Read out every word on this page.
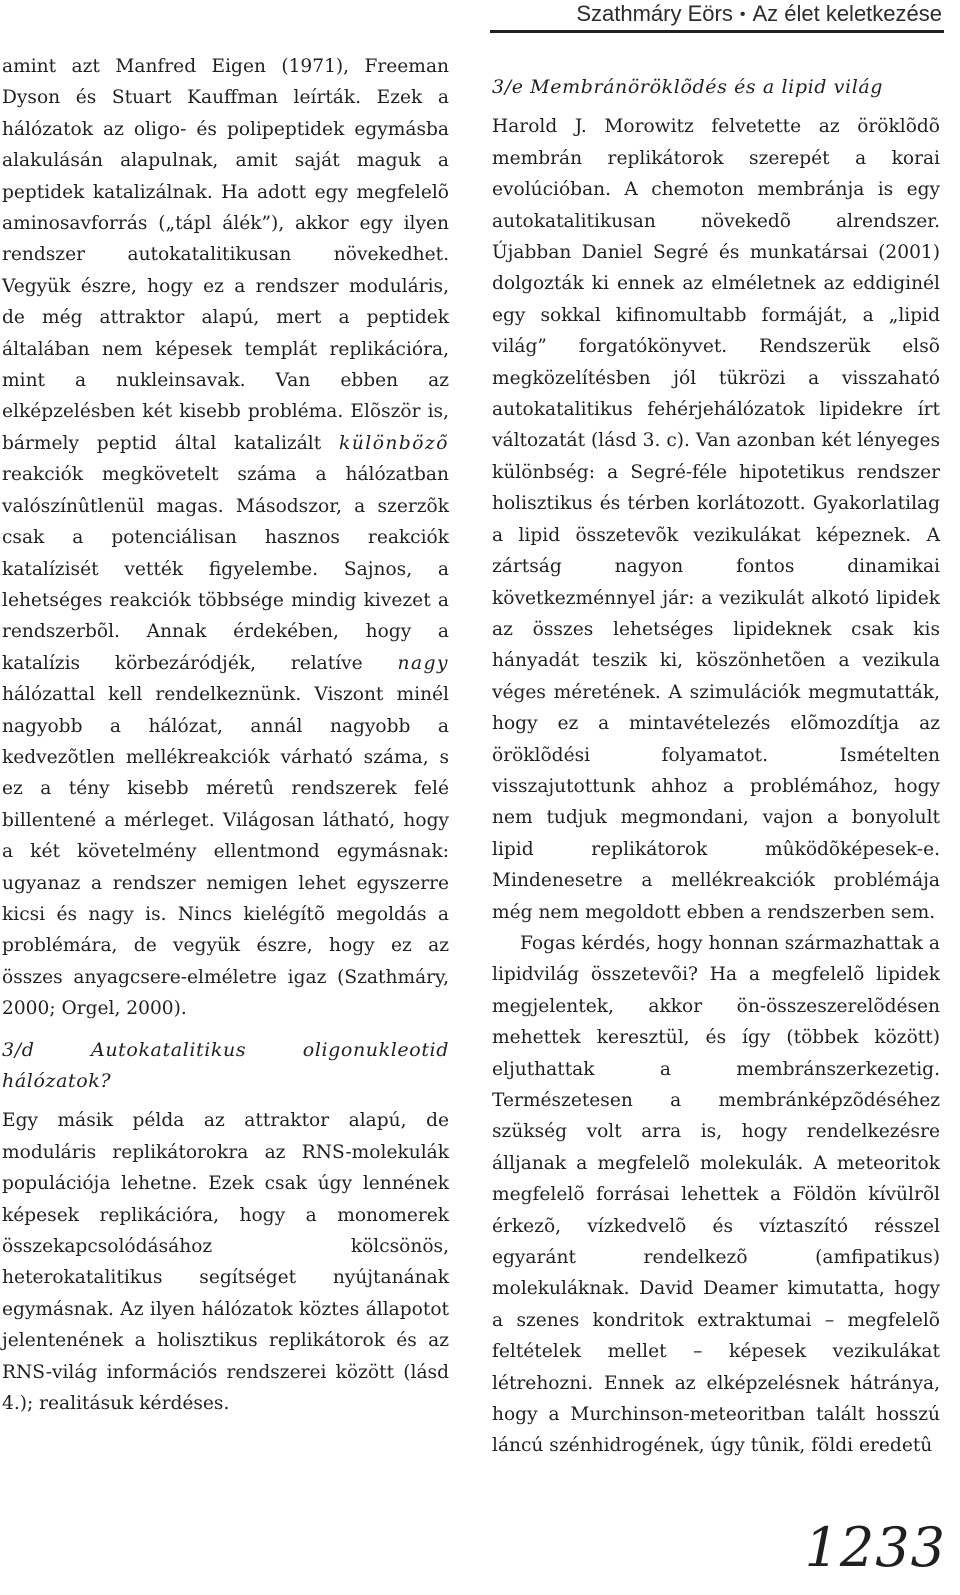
Szathmáry Eörs • Az élet keletkezése

amint azt Manfred Eigen (1971), Freeman Dyson és Stuart Kauffman leírták. Ezek a hálózatok az oligo- és polipeptidek egymásba alakulásán alapulnak, amit saját maguk a peptidek katalizálnak. Ha adott egy megfelelõ aminosavforrás („tápl álék”), akkor egy ilyen rendszer autokatalitikusan növekedhet. Vegyük észre, hogy ez a rendszer moduláris, de még attraktor alapú, mert a peptidek általában nem képesek templát replikációra, mint a nukleinsavak. Van ebben az elképzelésben két kisebb probléma. Elõször is, bármely peptid által katalizált különbözõ reakciók megkövetelt száma a hálózatban valószínûtlenül magas. Másodszor, a szerzõk csak a potenciálisan hasznos reakciók katalízisét vették figyelembe. Sajnos, a lehetséges reakciók többsége mindig kivezet a rendszerbõl. Annak érdekében, hogy a katalízis körbezáródjék, relatíve nagy hálózattal kell rendelkeznünk. Viszont minél nagyobb a hálózat, annál nagyobb a kedvezõtlen mellékreakciók várható száma, s ez a tény kisebb méretû rendszerek felé billentené a mérleget. Világosan látható, hogy a két követelmény ellentmond egymásnak: ugyanaz a rendszer nemigen lehet egyszerre kicsi és nagy is. Nincs kielégítõ megoldás a problémára, de vegyük észre, hogy ez az összes anyagcsere-elméletre igaz (Szathmáry, 2000; Orgel, 2000).

3/d Autokatalitikus oligonukleotid hálózatok?

Egy másik példa az attraktor alapú, de moduláris replikátorokra az RNS-molekulák populációja lehetne. Ezek csak úgy lennének képesek replikációra, hogy a monomerek összekapcsolódásához kölcsönös, heterokatalitikus segítséget nyújtanának egymásnak. Az ilyen hálózatok köztes állapotot jelentenének a holisztikus replikátorok és az RNS-világ információs rendszerei között (lásd 4.); realitásuk kérdéses.

3/e Membránöröklõdés és a lipid világ

Harold J. Morowitz felvetette az öröklõdõ membrán replikátorok szerepét a korai evolúcióban. A chemoton membránja is egy autokatalitikusan növekedõ alrendszer. Újabban Daniel Segré és munkatársai (2001) dolgozták ki ennek az elméletnek az eddiginél egy sokkal kifinomultabb formáját, a „lipid világ” forgatókönyvet. Rendszerük elsõ megközelítésben jól tükrözi a visszaható autokatalitikus fehérjehálózatok lipidekre írt változatát (lásd 3. c). Van azonban két lényeges különbség: a Segré-féle hipotetikus rendszer holisztikus és térben korlátozott. Gyakorlatilag a lipid összetevõk vezikulákat képeznek. A zártság nagyon fontos dinamikai következménnyel jár: a vezikulát alkotó lipidek az összes lehetséges lipideknek csak kis hányadát teszik ki, köszönhetõen a vezikula véges méretének. A szimulációk megmutatták, hogy ez a mintavételezés elõmozdítja az öröklõdési folyamatot. Ismételten visszajutottunk ahhoz a problémához, hogy nem tudjuk megmondani, vajon a bonyolult lipid replikátorok mûködõképesek-e. Mindenesetre a mellékreakciók problémája még nem megoldott ebben a rendszerben sem.

Fogas kérdés, hogy honnan származhattak a lipidvilág összetevõi? Ha a megfelelõ lipidek megjelentek, akkor ön-összeszerelõdésen mehettek keresztül, és így (többek között) eljuthattak a membránszerkezetig. Természetesen a membránképzõdéséhez szükség volt arra is, hogy rendelkezésre álljanak a megfelelõ molekulák. A meteoritok megfelelõ forrásai lehettek a Földön kívülrõl érkezõ, vízkedvelõ és víztaszító résszel egyaránt rendelkezõ (amfipatikus) molekuláknak. David Deamer kimutatta, hogy a szenes kondritok extraktumai – megfelelõ feltételek mellet – képesek vezikulákat létrehozni. Ennek az elképzelésnek hátránya, hogy a Murchinson-meteoritban talált hosszú láncú szénhidrogének, úgy tûnik, földi eredetû

1233
